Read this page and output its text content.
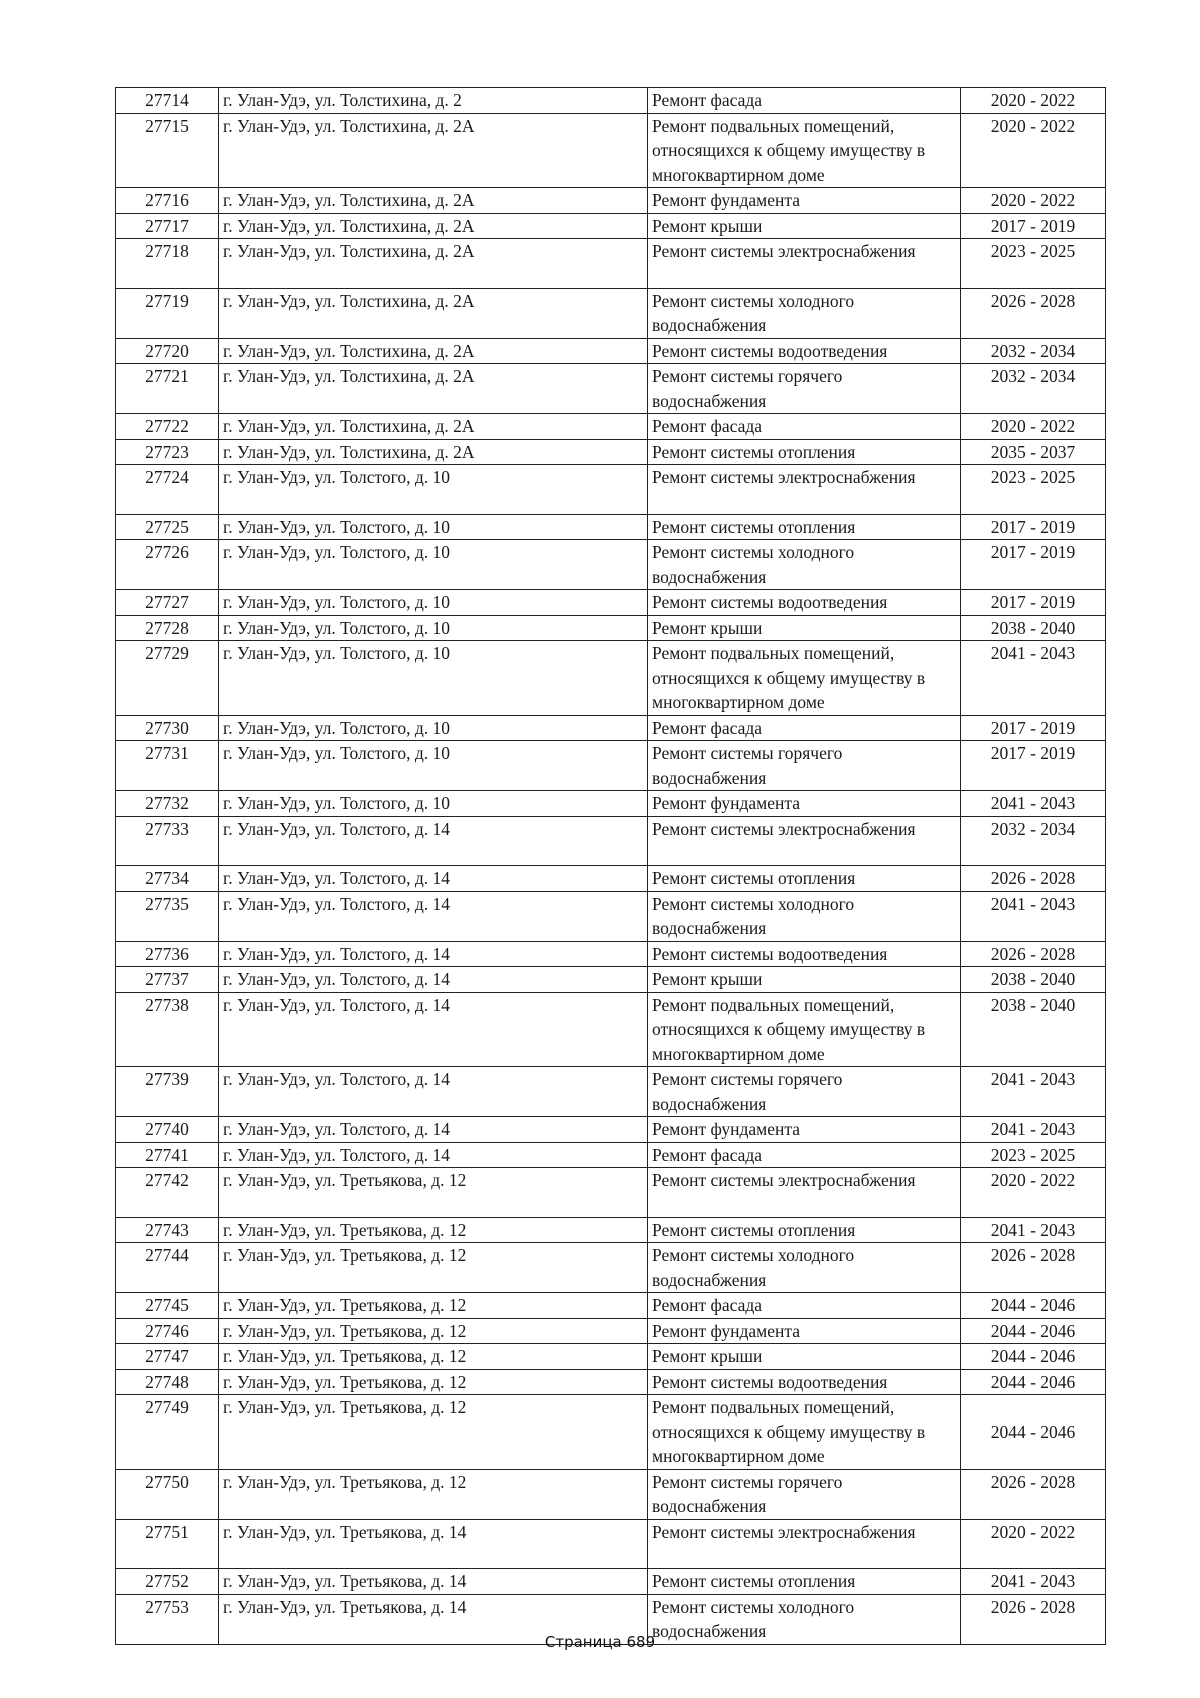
27714	г. Улан-Удэ, ул. Толстихина, д. 2	Ремонт фасада	2020 - 2022
27715	г. Улан-Удэ, ул. Толстихина, д. 2А	Ремонт подвальных помещений,
относящихся к общему имуществу в
многоквартирном доме	2020 - 2022
27716	г. Улан-Удэ, ул. Толстихина, д. 2А	Ремонт фундамента	2020 - 2022
27717	г. Улан-Удэ, ул. Толстихина, д. 2А	Ремонт крыши	2017 - 2019
27718	г. Улан-Удэ, ул. Толстихина, д. 2А	Ремонт системы электроснабжения	2023 - 2025
27719	г. Улан-Удэ, ул. Толстихина, д. 2А	Ремонт системы холодного
водоснабжения	2026 - 2028
27720	г. Улан-Удэ, ул. Толстихина, д. 2А	Ремонт системы водоотведения	2032 - 2034
27721	г. Улан-Удэ, ул. Толстихина, д. 2А	Ремонт системы горячего
водоснабжения	2032 - 2034
27722	г. Улан-Удэ, ул. Толстихина, д. 2А	Ремонт фасада	2020 - 2022
27723	г. Улан-Удэ, ул. Толстихина, д. 2А	Ремонт системы отопления	2035 - 2037
27724	г. Улан-Удэ, ул. Толстого, д. 10	Ремонт системы электроснабжения	2023 - 2025
27725	г. Улан-Удэ, ул. Толстого, д. 10	Ремонт системы отопления	2017 - 2019
27726	г. Улан-Удэ, ул. Толстого, д. 10	Ремонт системы холодного
водоснабжения	2017 - 2019
27727	г. Улан-Удэ, ул. Толстого, д. 10	Ремонт системы водоотведения	2017 - 2019
27728	г. Улан-Удэ, ул. Толстого, д. 10	Ремонт крыши	2038 - 2040
27729	г. Улан-Удэ, ул. Толстого, д. 10	Ремонт подвальных помещений,
относящихся к общему имуществу в
многоквартирном доме	2041 - 2043
27730	г. Улан-Удэ, ул. Толстого, д. 10	Ремонт фасада	2017 - 2019
27731	г. Улан-Удэ, ул. Толстого, д. 10	Ремонт системы горячего
водоснабжения	2017 - 2019
27732	г. Улан-Удэ, ул. Толстого, д. 10	Ремонт фундамента	2041 - 2043
27733	г. Улан-Удэ, ул. Толстого, д. 14	Ремонт системы электроснабжения	2032 - 2034
27734	г. Улан-Удэ, ул. Толстого, д. 14	Ремонт системы отопления	2026 - 2028
27735	г. Улан-Удэ, ул. Толстого, д. 14	Ремонт системы холодного
водоснабжения	2041 - 2043
27736	г. Улан-Удэ, ул. Толстого, д. 14	Ремонт системы водоотведения	2026 - 2028
27737	г. Улан-Удэ, ул. Толстого, д. 14	Ремонт крыши	2038 - 2040
27738	г. Улан-Удэ, ул. Толстого, д. 14	Ремонт подвальных помещений,
относящихся к общему имуществу в
многоквартирном доме	2038 - 2040
27739	г. Улан-Удэ, ул. Толстого, д. 14	Ремонт системы горячего
водоснабжения	2041 - 2043
27740	г. Улан-Удэ, ул. Толстого, д. 14	Ремонт фундамента	2041 - 2043
27741	г. Улан-Удэ, ул. Толстого, д. 14	Ремонт фасада	2023 - 2025
27742	г. Улан-Удэ, ул. Третьякова, д. 12	Ремонт системы электроснабжения	2020 - 2022
27743	г. Улан-Удэ, ул. Третьякова, д. 12	Ремонт системы отопления	2041 - 2043
27744	г. Улан-Удэ, ул. Третьякова, д. 12	Ремонт системы холодного
водоснабжения	2026 - 2028
27745	г. Улан-Удэ, ул. Третьякова, д. 12	Ремонт фасада	2044 - 2046
27746	г. Улан-Удэ, ул. Третьякова, д. 12	Ремонт фундамента	2044 - 2046
27747	г. Улан-Удэ, ул. Третьякова, д. 12	Ремонт крыши	2044 - 2046
27748	г. Улан-Удэ, ул. Третьякова, д. 12	Ремонт системы водоотведения	2044 - 2046
27749	г. Улан-Удэ, ул. Третьякова, д. 12	Ремонт подвальных помещений,
относящихся к общему имуществу в
многоквартирном доме	2044 - 2046
27750	г. Улан-Удэ, ул. Третьякова, д. 12	Ремонт системы горячего
водоснабжения	2026 - 2028
27751	г. Улан-Удэ, ул. Третьякова, д. 14	Ремонт системы электроснабжения	2020 - 2022
27752	г. Улан-Удэ, ул. Третьякова, д. 14	Ремонт системы отопления	2041 - 2043
27753	г. Улан-Удэ, ул. Третьякова, д. 14	Ремонт системы холодного
водоснабжения	2026 - 2028
Страница 689
